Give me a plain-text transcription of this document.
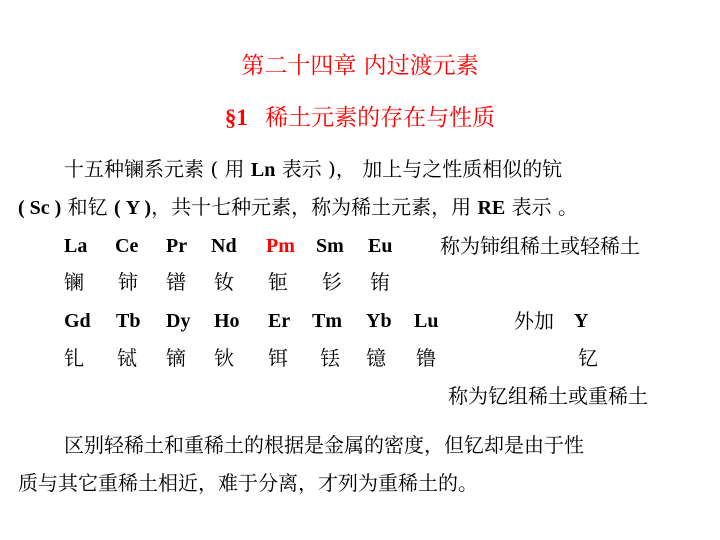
第二十四章 内过渡元素
§1 稀土元素的存在与性质
十五种镧系元素 ( 用 Ln 表示 )， 加上与之性质相似的钪
( Sc ) 和钇 ( Y )，共十七种元素，称为稀土元素，用 RE 表示 。
La Ce Pr Nd Pm Sm Eu 称为铈组稀土或轻稀土
镧 铈 镨 钕 钷 钐 铕
Gd Tb Dy Ho Er Tm Yb Lu	外加 Y
钆 铽 镝 钬 铒 铥 镱 镥	钇
称为钇组稀土或重稀土
区别轻稀土和重稀土的根据是金属的密度，但钇却是由于性
质与其它重稀土相近，难于分离，才列为重稀土的。
